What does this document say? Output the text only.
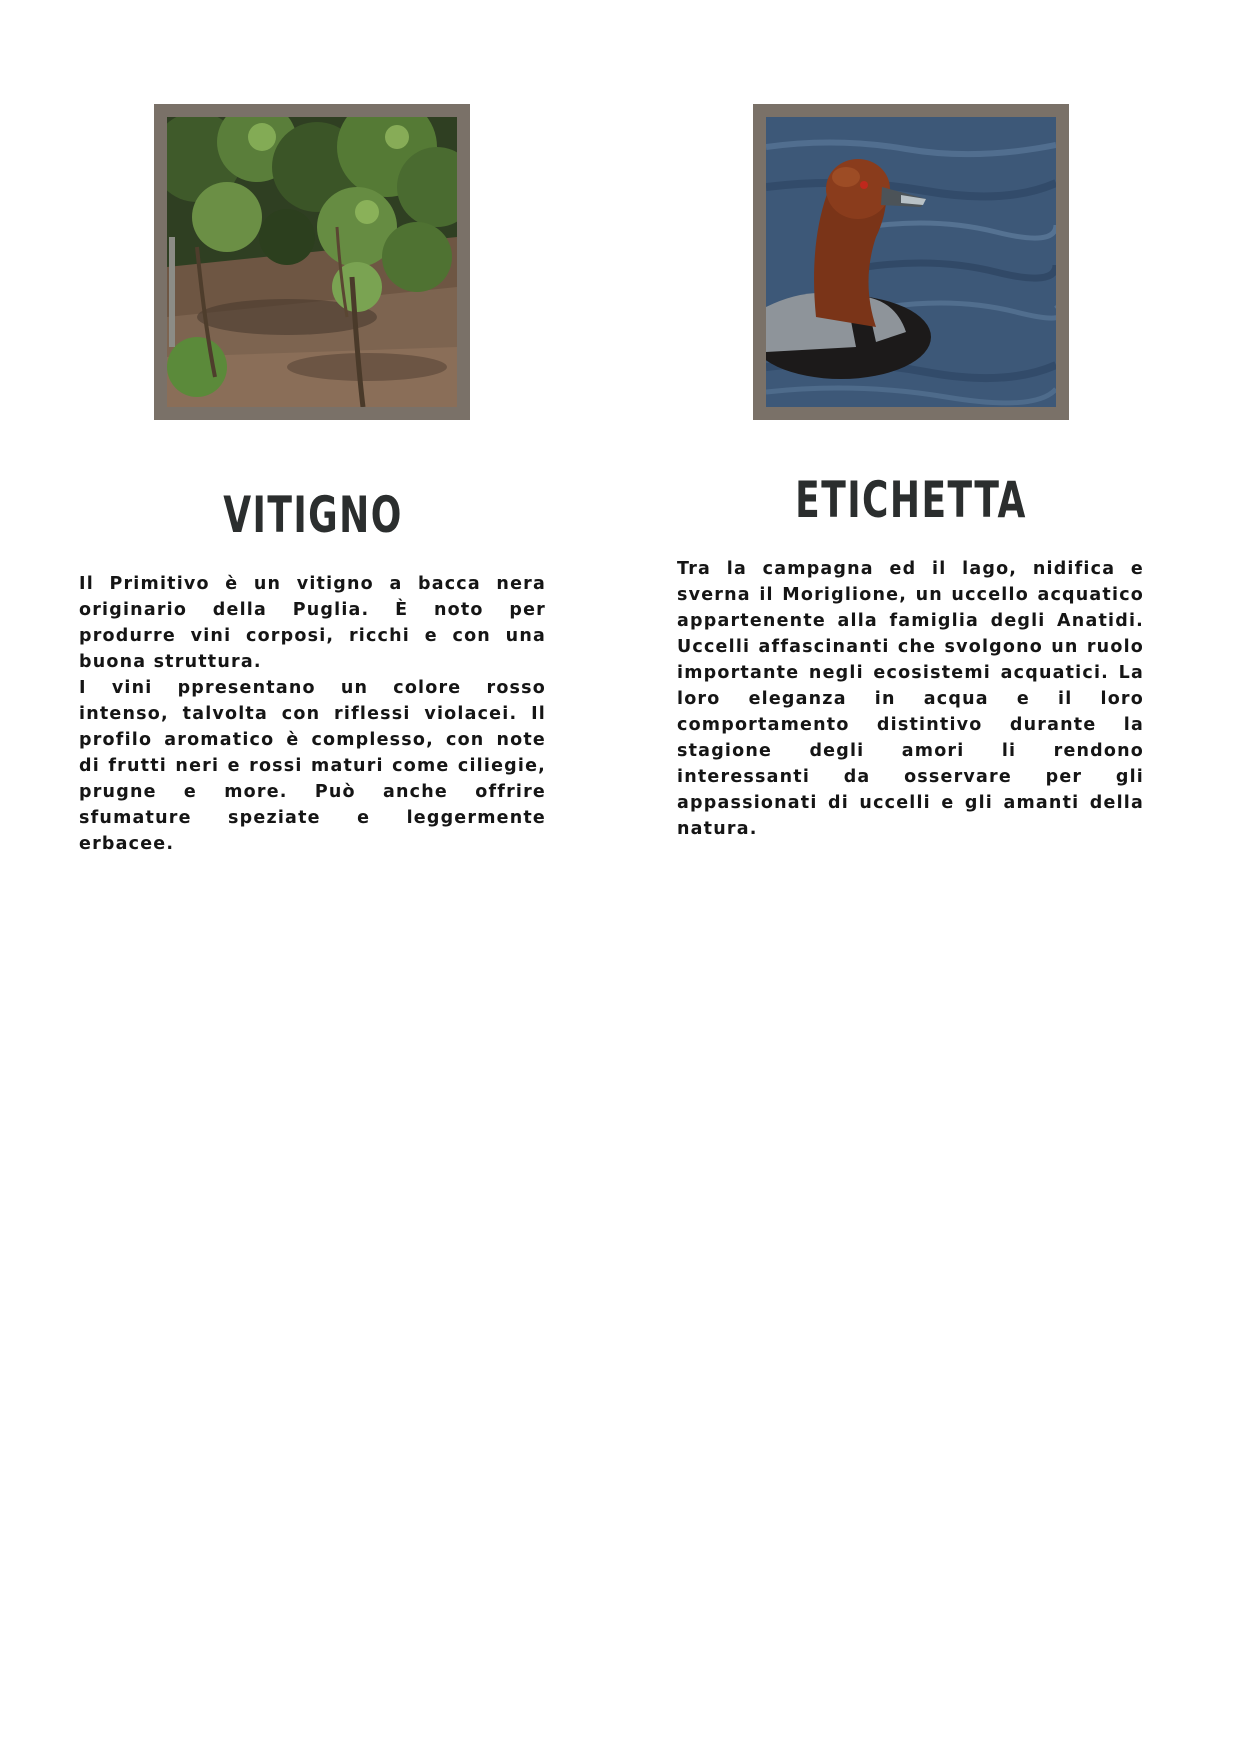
VITIGNO	ETICHETTA

Il Primitivo è un vitigno a bacca nera originario della Puglia. È noto per produrre vini corposi, ricchi e con una buona struttura.

I vini ppresentano un colore rosso intenso, talvolta con riflessi violacei. Il profilo aromatico è complesso, con note di frutti neri e rossi maturi come ciliegie, prugne e more. Può anche offrire sfumature speziate e leggermente erbacee.

Tra la campagna ed il lago, nidifica e sverna il Moriglione, un uccello acquatico appartenente alla famiglia degli Anatidi. Uccelli affascinanti che svolgono un ruolo importante negli ecosistemi acquatici. La loro eleganza in acqua e il loro comportamento distintivo durante la stagione degli amori li rendono interessanti da osservare per gli appassionati di uccelli e gli amanti della natura.
